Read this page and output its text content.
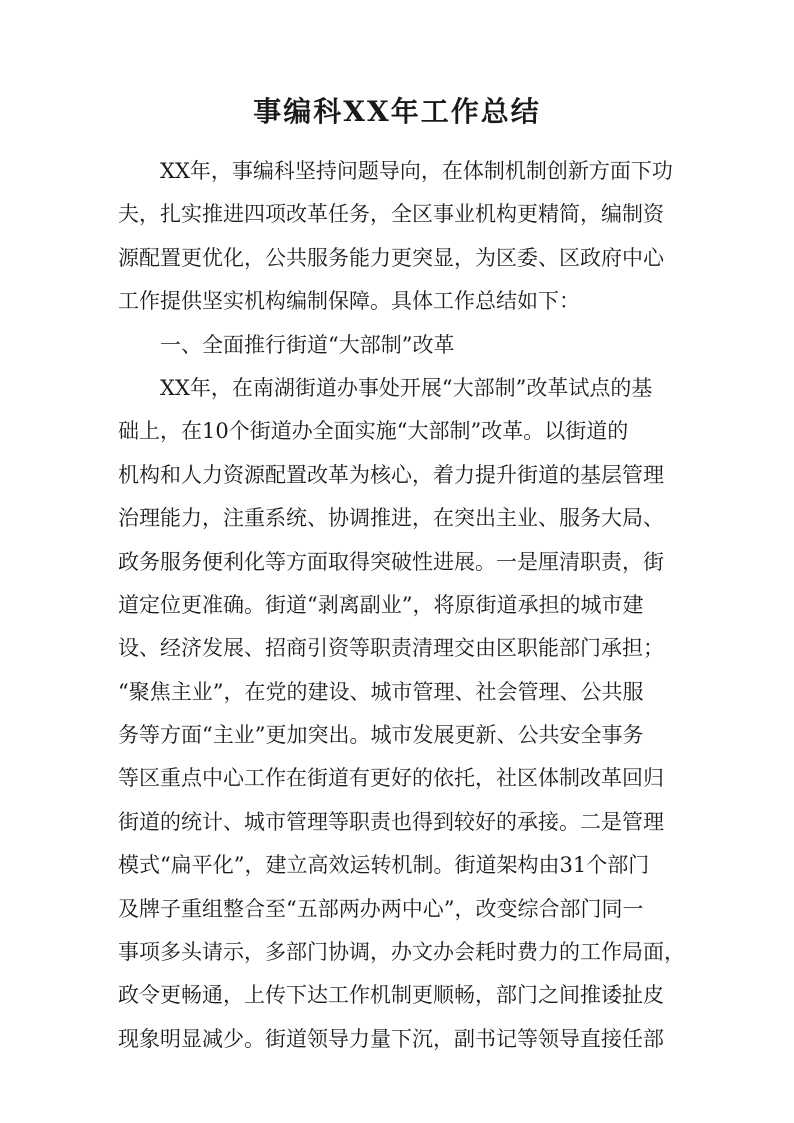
事编科XX年工作总结
XX年，事编科坚持问题导向，在体制机制创新方面下功
夫，扎实推进四项改革任务，全区事业机构更精简，编制资
源配置更优化，公共服务能力更突显，为区委、区政府中心
工作提供坚实机构编制保障。具体工作总结如下：
一、全面推行街道“大部制”改革
XX年，在南湖街道办事处开展“大部制”改革试点的基
础上，在10个街道办全面实施“大部制”改革。以街道的
机构和人力资源配置改革为核心，着力提升街道的基层管理
治理能力，注重系统、协调推进，在突出主业、服务大局、
政务服务便利化等方面取得突破性进展。一是厘清职责，街
道定位更准确。街道“剥离副业”，将原街道承担的城市建
设、经济发展、招商引资等职责清理交由区职能部门承担；
“聚焦主业”，在党的建设、城市管理、社会管理、公共服
务等方面“主业”更加突出。城市发展更新、公共安全事务
等区重点中心工作在街道有更好的依托，社区体制改革回归
街道的统计、城市管理等职责也得到较好的承接。二是管理
模式“扁平化”，建立高效运转机制。街道架构由31个部门
及牌子重组整合至“五部两办两中心”，改变综合部门同一
事项多头请示，多部门协调，办文办会耗时费力的工作局面，
政令更畅通，上传下达工作机制更顺畅，部门之间推诿扯皮
现象明显减少。街道领导力量下沉，副书记等领导直接任部
